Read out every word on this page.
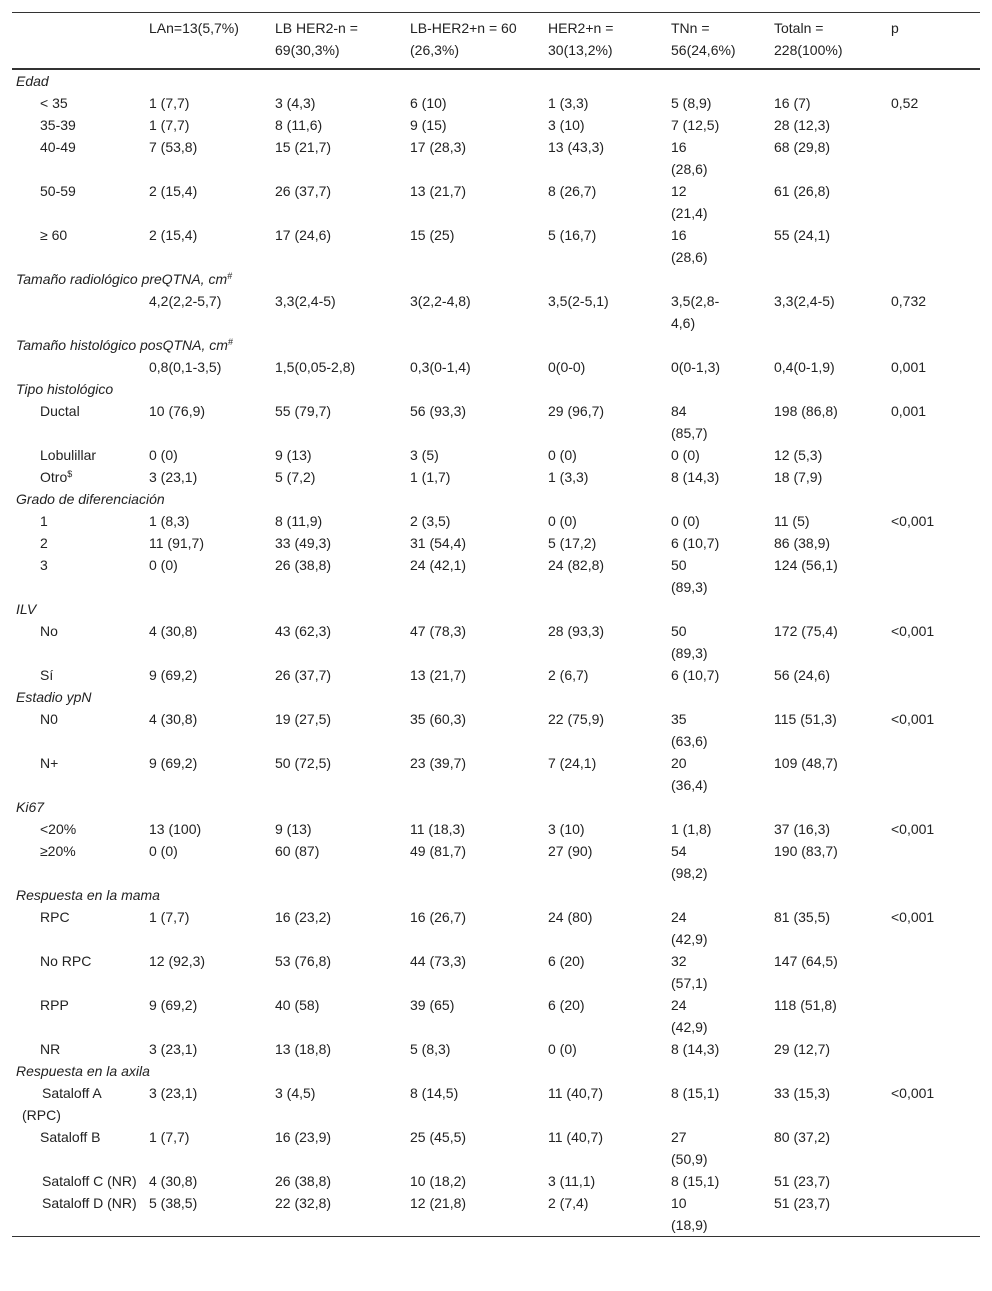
	LAn=13(5,7%)	LB HER2-n = 69(30,3%)	LB-HER2+n = 60 (26,3%)	HER2+n = 30(13,2%)	TNn = 56(24,6%)	Totaln = 228(100%)	p
Edad							
< 35	1 (7,7)	3 (4,3)	6 (10)	1 (3,3)	5 (8,9)	16 (7)	0,52
35-39	1 (7,7)	8 (11,6)	9 (15)	3 (10)	7 (12,5)	28 (12,3)	
40-49	7 (53,8)	15 (21,7)	17 (28,3)	13 (43,3)	16 (28,6)	68 (29,8)	
50-59	2 (15,4)	26 (37,7)	13 (21,7)	8 (26,7)	12 (21,4)	61 (26,8)	
≥ 60	2 (15,4)	17 (24,6)	15 (25)	5 (16,7)	16 (28,6)	55 (24,1)	
Tamaño radiológico preQTNA, cm#
	4,2(2,2-5,7)	3,3(2,4-5)	3(2,2-4,8)	3,5(2-5,1)	3,5(2,8-4,6)	3,3(2,4-5)	0,732
Tamaño histológico posQTNA, cm#
	0,8(0,1-3,5)	1,5(0,05-2,8)	0,3(0-1,4)	0(0-0)	0(0-1,3)	0,4(0-1,9)	0,001
Tipo histológico							
Ductal	10 (76,9)	55 (79,7)	56 (93,3)	29 (96,7)	84 (85,7)	198 (86,8)	0,001
Lobulillar	0 (0)	9 (13)	3 (5)	0 (0)	0 (0)	12 (5,3)	
Otro$	3 (23,1)	5 (7,2)	1 (1,7)	1 (3,3)	8 (14,3)	18 (7,9)	
Grado de diferenciación							
1	1 (8,3)	8 (11,9)	2 (3,5)	0 (0)	0 (0)	11 (5)	<0,001
2	11 (91,7)	33 (49,3)	31 (54,4)	5 (17,2)	6 (10,7)	86 (38,9)	
3	0 (0)	26 (38,8)	24 (42,1)	24 (82,8)	50 (89,3)	124 (56,1)	
ILV							
No	4 (30,8)	43 (62,3)	47 (78,3)	28 (93,3)	50 (89,3)	172 (75,4)	<0,001
Sí	9 (69,2)	26 (37,7)	13 (21,7)	2 (6,7)	6 (10,7)	56 (24,6)	
Estadio ypN							
N0	4 (30,8)	19 (27,5)	35 (60,3)	22 (75,9)	35 (63,6)	115 (51,3)	<0,001
N+	9 (69,2)	50 (72,5)	23 (39,7)	7 (24,1)	20 (36,4)	109 (48,7)	
Ki67							
<20%	13 (100)	9 (13)	11 (18,3)	3 (10)	1 (1,8)	37 (16,3)	<0,001
≥20%	0 (0)	60 (87)	49 (81,7)	27 (90)	54 (98,2)	190 (83,7)	
Respuesta en la mama							
RPC	1 (7,7)	16 (23,2)	16 (26,7)	24 (80)	24 (42,9)	81 (35,5)	<0,001
No RPC	12 (92,3)	53 (76,8)	44 (73,3)	6 (20)	32 (57,1)	147 (64,5)	
RPP	9 (69,2)	40 (58)	39 (65)	6 (20)	24 (42,9)	118 (51,8)	
NR	3 (23,1)	13 (18,8)	5 (8,3)	0 (0)	8 (14,3)	29 (12,7)	
Respuesta en la axila							
Sataloff A (RPC)	3 (23,1)	3 (4,5)	8 (14,5)	11 (40,7)	8 (15,1)	33 (15,3)	<0,001
Sataloff B	1 (7,7)	16 (23,9)	25 (45,5)	11 (40,7)	27 (50,9)	80 (37,2)	
Sataloff C (NR)	4 (30,8)	26 (38,8)	10 (18,2)	3 (11,1)	8 (15,1)	51 (23,7)	
Sataloff D (NR)	5 (38,5)	22 (32,8)	12 (21,8)	2 (7,4)	10 (18,9)	51 (23,7)	
